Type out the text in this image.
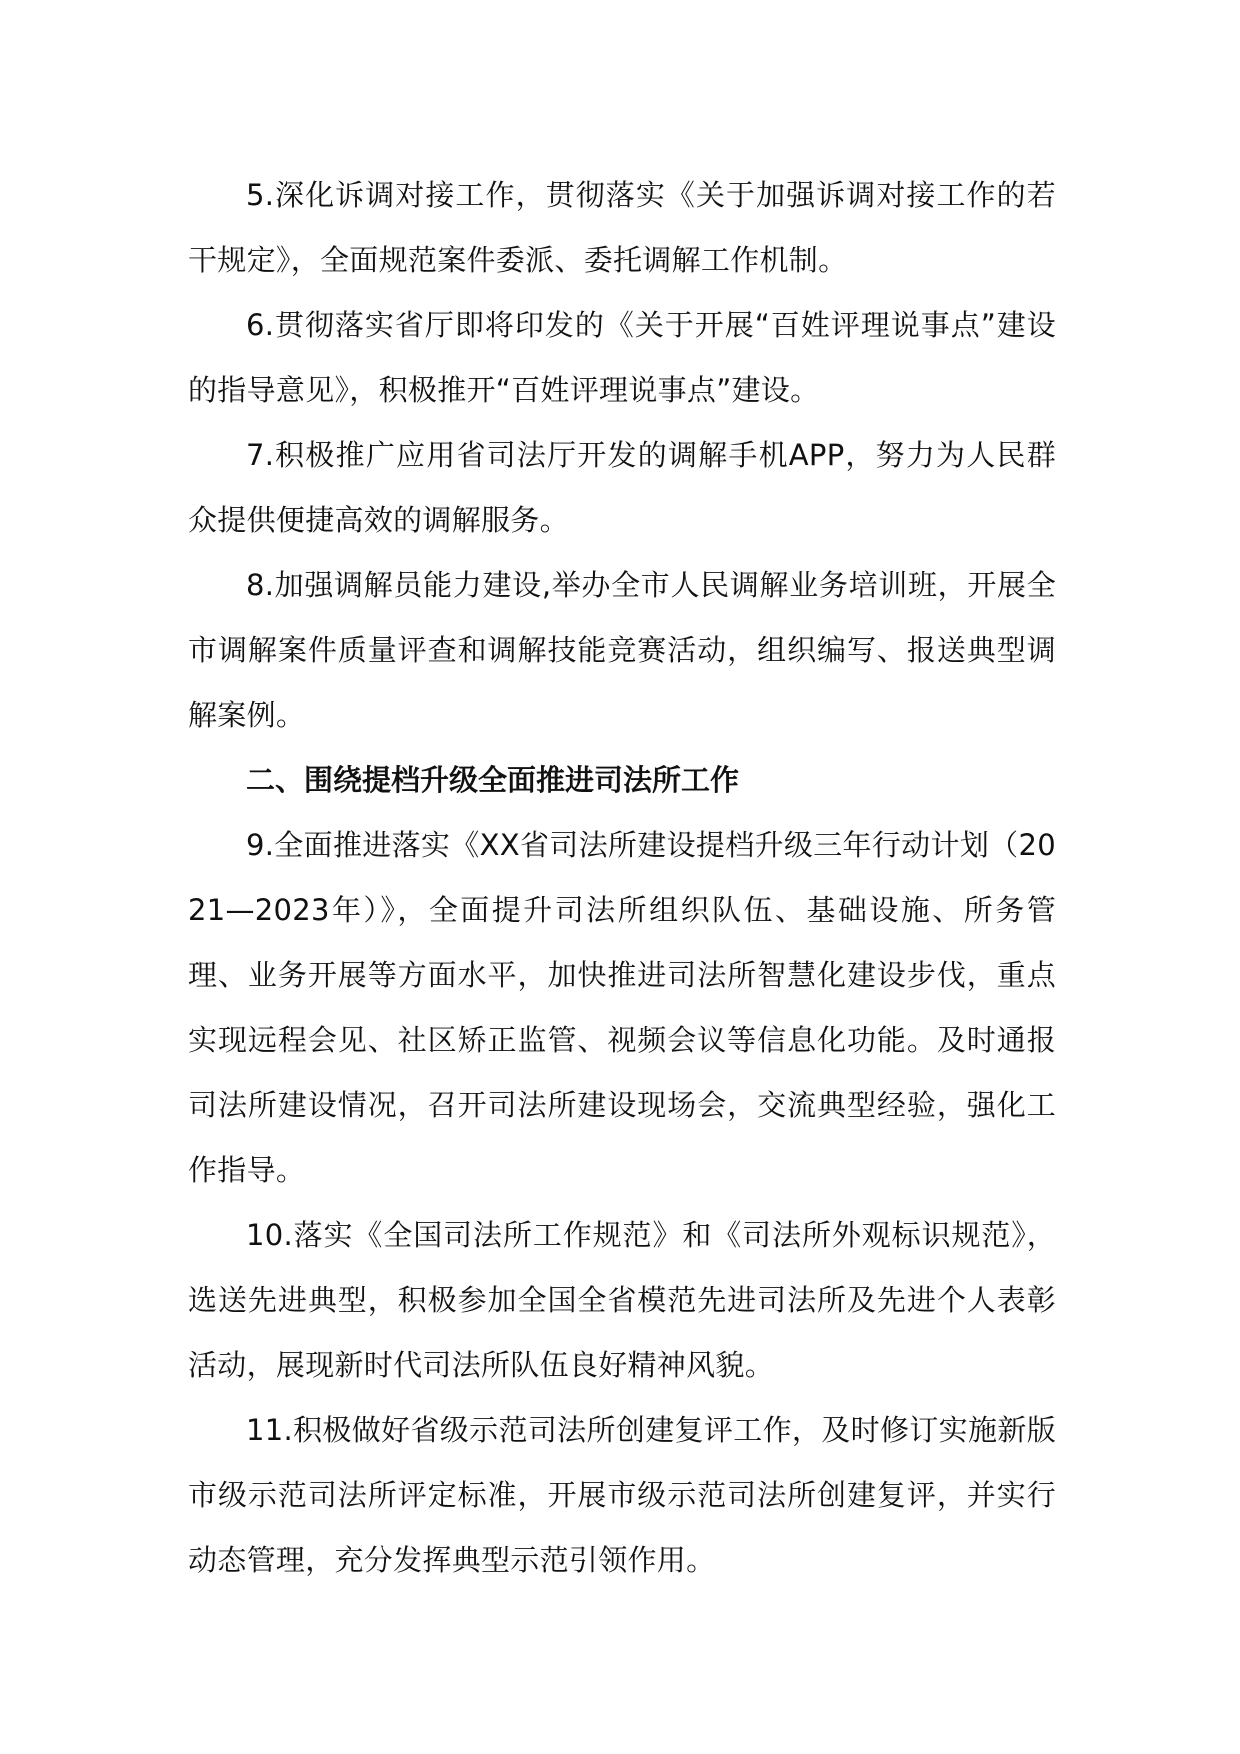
5.深化诉调对接工作，贯彻落实《关于加强诉调对接工作的若干规定》，全面规范案件委派、委托调解工作机制。

6.贯彻落实省厅即将印发的《关于开展“百姓评理说事点”建设的指导意见》，积极推开“百姓评理说事点”建设。

7.积极推广应用省司法厅开发的调解手机APP，努力为人民群众提供便捷高效的调解服务。

8.加强调解员能力建设,举办全市人民调解业务培训班，开展全市调解案件质量评查和调解技能竞赛活动，组织编写、报送典型调解案例。

二、围绕提档升级全面推进司法所工作

9.全面推进落实《XX省司法所建设提档升级三年行动计划（2021—2023年）》，全面提升司法所组织队伍、基础设施、所务管理、业务开展等方面水平，加快推进司法所智慧化建设步伐，重点实现远程会见、社区矫正监管、视频会议等信息化功能。及时通报司法所建设情况，召开司法所建设现场会，交流典型经验，强化工作指导。

10.落实《全国司法所工作规范》和《司法所外观标识规范》，选送先进典型，积极参加全国全省模范先进司法所及先进个人表彰活动，展现新时代司法所队伍良好精神风貌。

11.积极做好省级示范司法所创建复评工作，及时修订实施新版市级示范司法所评定标准，开展市级示范司法所创建复评，并实行动态管理，充分发挥典型示范引领作用。
